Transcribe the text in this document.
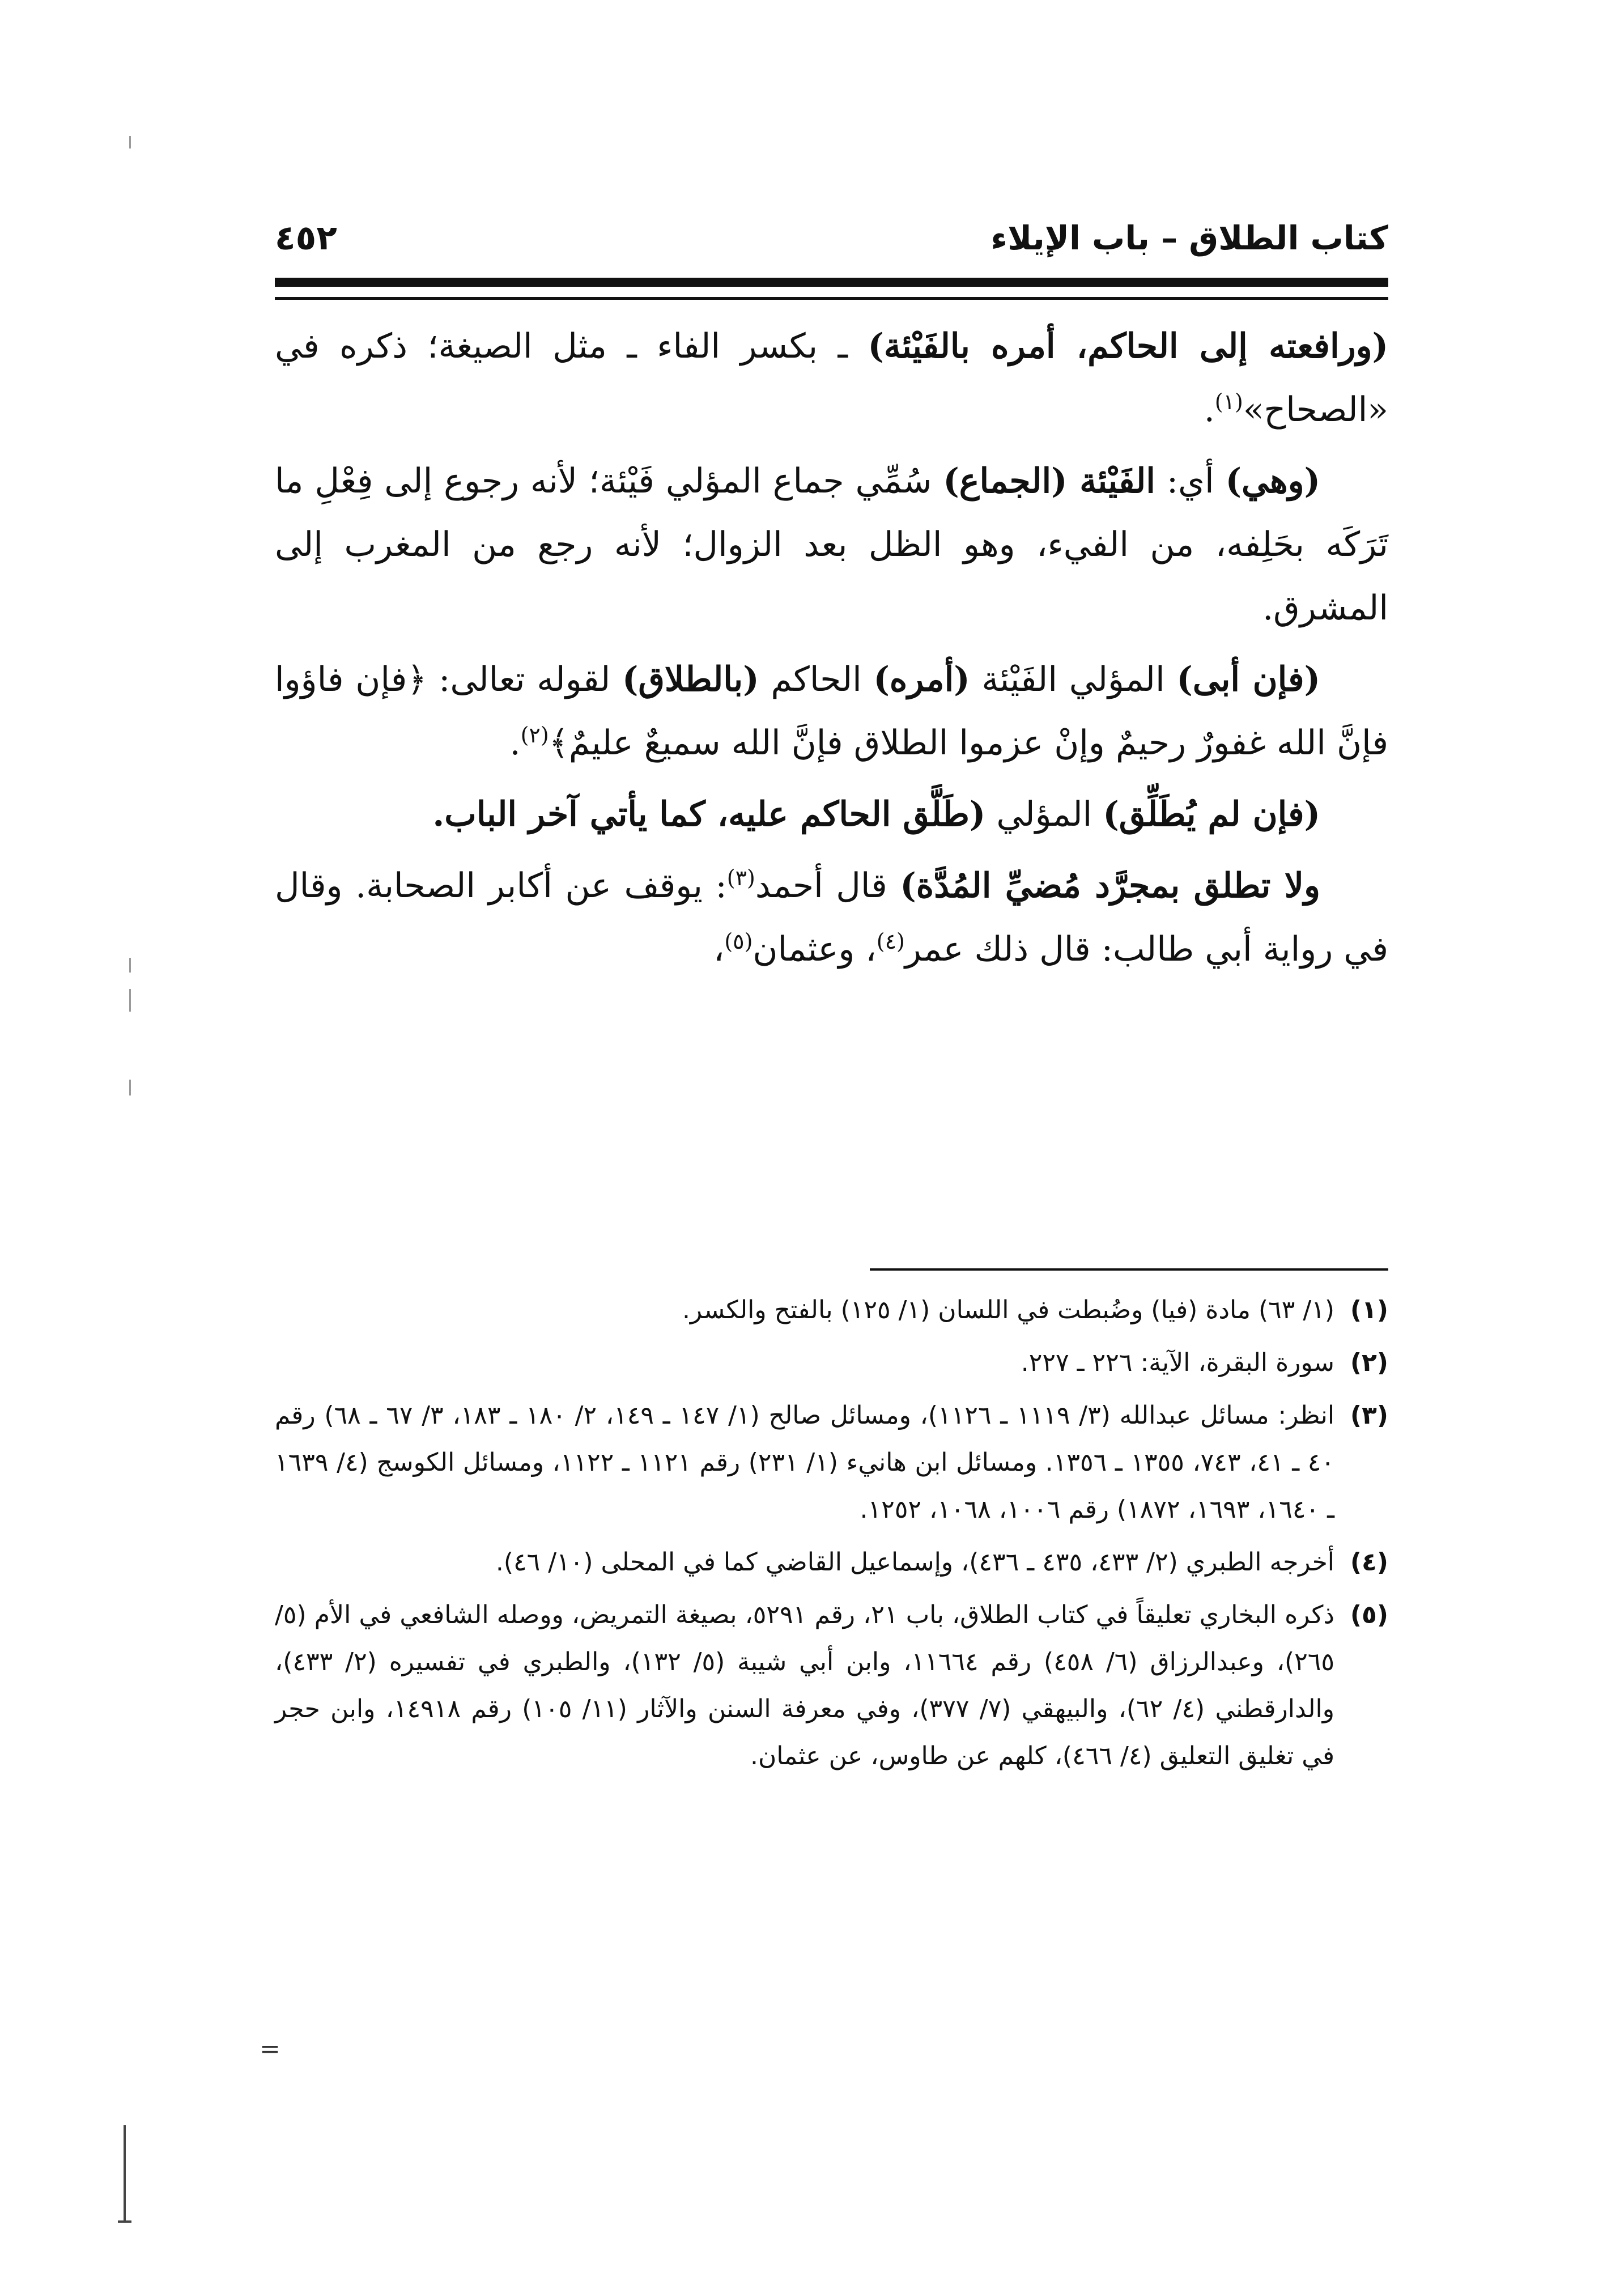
كتاب الطلاق – باب الإيلاء
٤٥٢

(ورافعته إلى الحاكم، أمره بالفَيْئة) ـ بكسر الفاء ـ مثل الصيغة؛ ذكره في «الصحاح»$^{(١)}$.

(وهي) أي: الفَيْئة (الجماع) سُمِّي جماع المؤلي فَيْئة؛ لأنه رجوع إلى فِعْلِ ما تَرَكَه بحَلِفه، من الفيء، وهو الظل بعد الزوال؛ لأنه رجع من المغرب إلى المشرق.

(فإن أبى) المؤلي الفَيْئة (أمره) الحاكم (بالطلاق) لقوله تعالى: ﴿فإن فاؤوا فإنَّ الله غفورٌ رحيمٌ وإنْ عزموا الطلاق فإنَّ الله سميعٌ عليمٌ﴾$^{(٢)}$.

(فإن لم يُطَلِّق) المؤلي (طَلَّق الحاكم عليه، كما يأتي آخر الباب.

ولا تطلق بمجرَّد مُضيِّ المُدَّة) قال أحمد$^{(٣)}$: يوقف عن أكابر الصحابة. وقال في رواية أبي طالب: قال ذلك عمر$^{(٤)}$، وعثمان$^{(٥)}$،

(١)
(١/ ٦٣) مادة (فيا) وضُبطت في اللسان (١/ ١٢٥) بالفتح والكسر.
(٢)
سورة البقرة، الآية: ٢٢٦ ـ ٢٢٧.
(٣)
انظر: مسائل عبدالله (٣/ ١١١٩ ـ ١١٢٦)، ومسائل صالح (١/ ١٤٧ ـ ١٤٩، ٢/ ١٨٠ ـ ١٨٣، ٣/ ٦٧ ـ ٦٨) رقم ٤٠ ـ ٤١، ٧٤٣، ١٣٥٥ ـ ١٣٥٦. ومسائل ابن هانيء (١/ ٢٣١) رقم ١١٢١ ـ ١١٢٢، ومسائل الكوسج (٤/ ١٦٣٩ ـ ١٦٤٠، ١٦٩٣، ١٨٧٢) رقم ١٠٠٦، ١٠٦٨، ١٢٥٢.
(٤)
أخرجه الطبري (٢/ ٤٣٣، ٤٣٥ ـ ٤٣٦)، وإسماعيل القاضي كما في المحلى (١٠/ ٤٦).
(٥)
ذكره البخاري تعليقاً في كتاب الطلاق، باب ٢١، رقم ٥٢٩١، بصيغة التمريض، ووصله الشافعي في الأم (٥/ ٢٦٥)، وعبدالرزاق (٦/ ٤٥٨) رقم ١١٦٦٤، وابن أبي شيبة (٥/ ١٣٢)، والطبري في تفسيره (٢/ ٤٣٣)، والدارقطني (٤/ ٦٢)، والبيهقي (٧/ ٣٧٧)، وفي معرفة السنن والآثار (١١/ ١٠٥) رقم ١٤٩١٨، وابن حجر في تغليق التعليق (٤/ ٤٦٦)، كلهم عن طاوس، عن عثمان.
=
